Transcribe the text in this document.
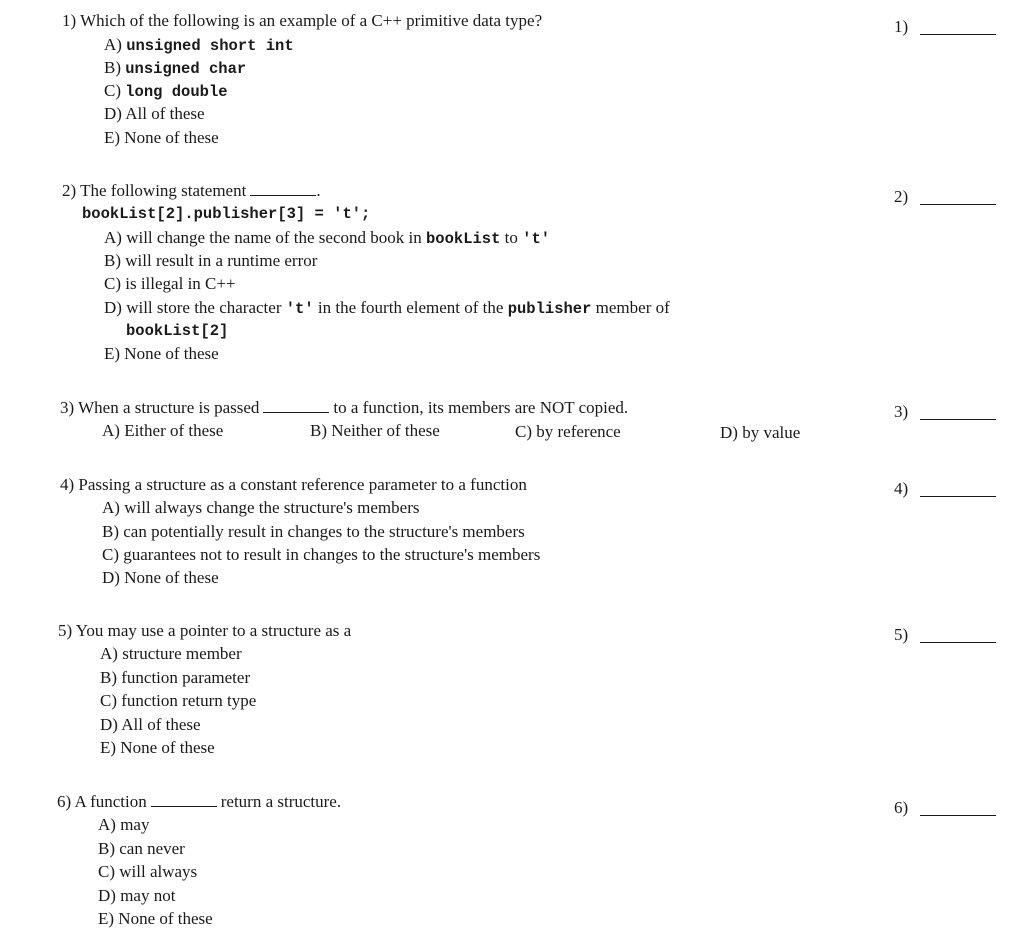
1) Which of the following is an example of a C++ primitive data type?
A) unsigned short int
B) unsigned char
C) long double
D) All of these
E) None of these
1)
2) The following statement	.
bookList[2].publisher[3] = 't';
A) will change the name of the second book in bookList to 't'
B) will result in a runtime error
C) is illegal in C++
D) will store the character 't' in the fourth element of the publisher member of
bookList[2]
E) None of these
2)
3) When a structure is passed	to a function, its members are NOT copied.
A) Either of these	B) Neither of these	C) by reference	D) by value
3)
4) Passing a structure as a constant reference parameter to a function
A) will always change the structure's members
B) can potentially result in changes to the structure's members
C) guarantees not to result in changes to the structure's members
D) None of these
4)
5) You may use a pointer to a structure as a
A) structure member
B) function parameter
C) function return type
D) All of these
E) None of these
5)
6) A function	return a structure.
A) may
B) can never
C) will always
D) may not
E) None of these
6)
